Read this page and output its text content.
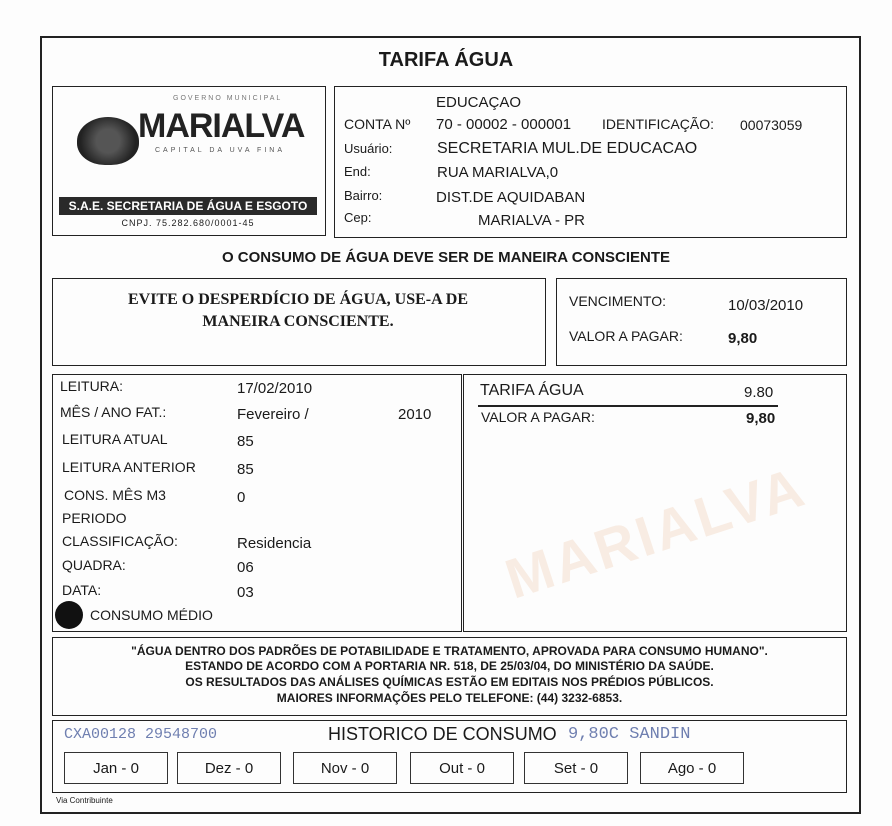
TARIFA ÁGUA
GOVERNO MUNICIPAL
MARIALVA
CAPITAL DA UVA FINA
S.A.E. SECRETARIA DE ÁGUA E ESGOTO
CNPJ. 75.282.680/0001-45
EDUCAÇAO
CONTA Nº 70 - 00002 - 000001 IDENTIFICAÇÃO: 00073059
Usuário:	SECRETARIA MUL.DE EDUCACAO
End:	RUA MARIALVA,0
Bairro:	DIST.DE AQUIDABAN
Cep:	MARIALVA - PR
O CONSUMO DE ÁGUA DEVE SER DE MANEIRA CONSCIENTE
EVITE O DESPERDÍCIO DE ÁGUA, USE-A DE MANEIRA CONSCIENTE.
VENCIMENTO:	10/03/2010
VALOR A PAGAR:	9,80
LEITURA:	17/02/2010
MÊS / ANO FAT.:	Fevereiro /	2010
LEITURA ATUAL	85
LEITURA ANTERIOR	85
CONS. MÊS M3	0
PERIODO
CLASSIFICAÇÃO:	Residencia
QUADRA:	06
DATA:	03
CONSUMO MÉDIO
MARIALVA
TARIFA ÁGUA	9.80
VALOR A PAGAR:	9,80
"ÁGUA DENTRO DOS PADRÕES DE POTABILIDADE E TRATAMENTO, APROVADA PARA CONSUMO HUMANO".
ESTANDO DE ACORDO COM A PORTARIA NR. 518, DE 25/03/04, DO MINISTÉRIO DA SAÚDE.
OS RESULTADOS DAS ANÁLISES QUÍMICAS ESTÃO EM EDITAIS NOS PRÉDIOS PÚBLICOS.
MAIORES INFORMAÇÕES PELO TELEFONE: (44) 3232-6853.
CXA00128 29548700	HISTORICO DE CONSUMO 9,80C SANDIN
Jan - 0	Dez - 0	Nov - 0	Out - 0	Set - 0	Ago - 0
Via Contribuinte
